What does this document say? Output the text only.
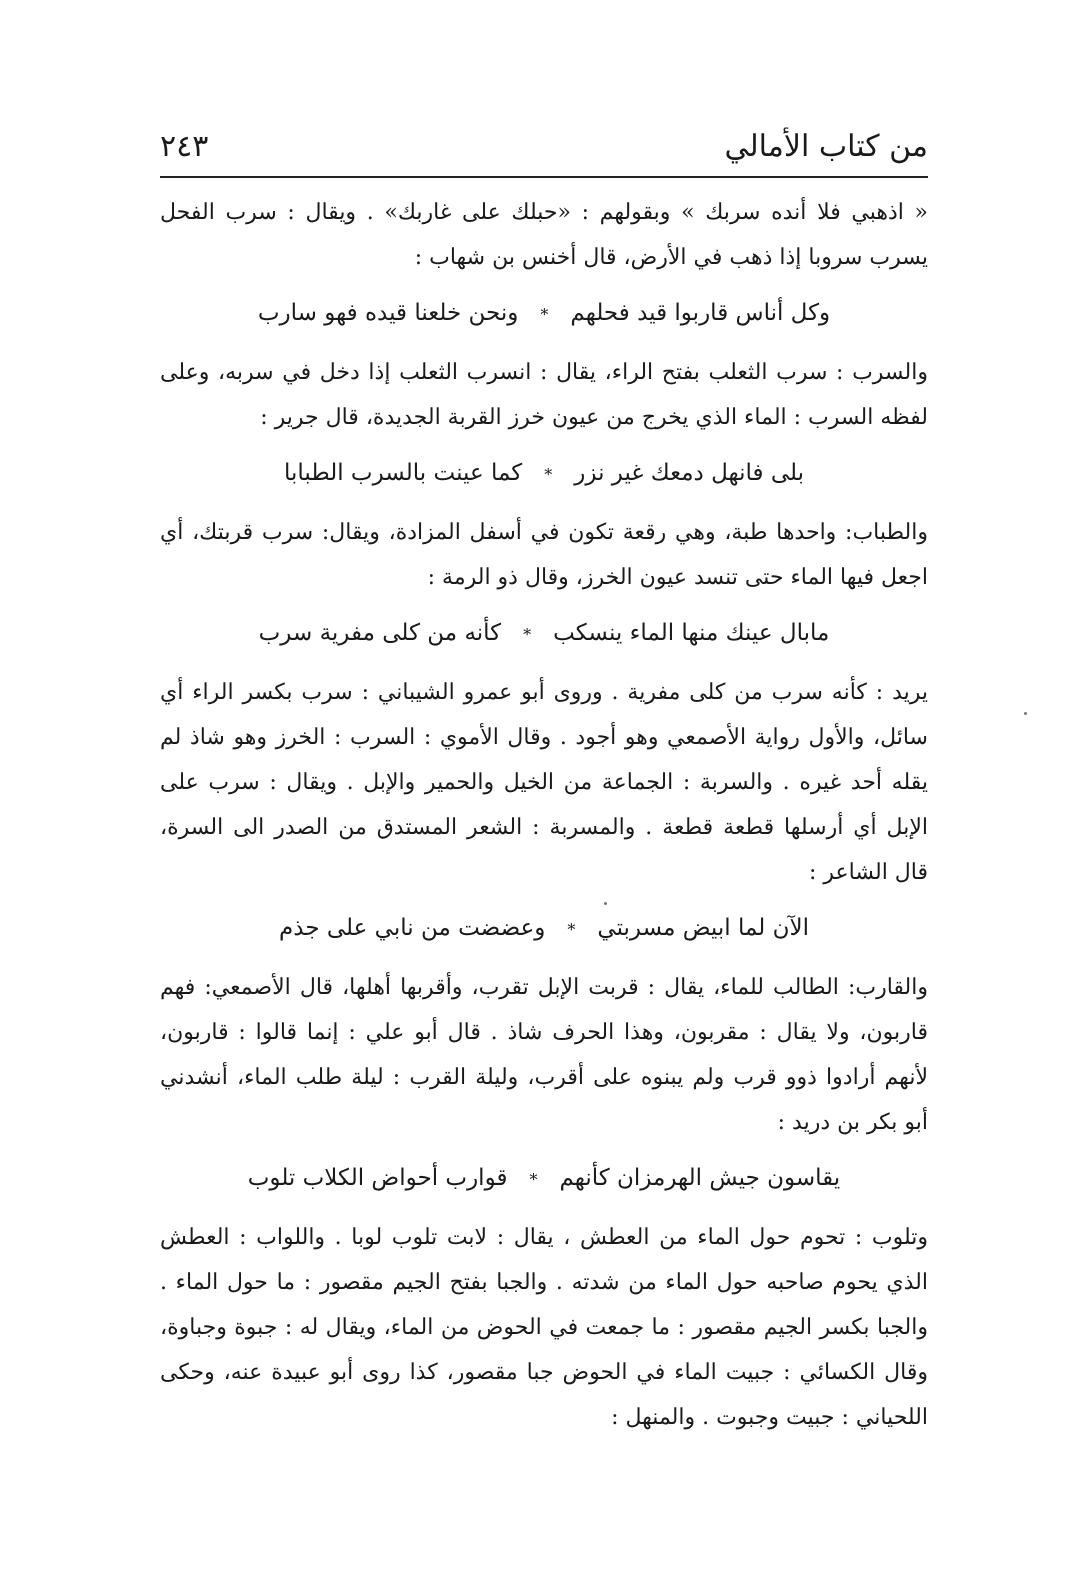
من كتاب الأمالي
٢٤٣

« اذهبي فلا أنده سربك » وبقولهم : «حبلك على غاربك» . ويقال : سرب الفحل يسرب سروبا إذا ذهب في الأرض، قال أخنس بن شهاب :

وكل أناس قاربوا قيد فحلهم
*
ونحن خلعنا قيده فهو سارب

والسرب : سرب الثعلب بفتح الراء، يقال : انسرب الثعلب إذا دخل في سربه، وعلى لفظه السرب : الماء الذي يخرج من عيون خرز القربة الجديدة، قال جرير :

بلى فانهل دمعك غير نزر
*
كما عينت بالسرب الطبابا

والطباب: واحدها طبة، وهي رقعة تكون في أسفل المزادة، ويقال: سرب قربتك، أي اجعل فيها الماء حتى تنسد عيون الخرز، وقال ذو الرمة :

مابال عينك منها الماء ينسكب
*
كأنه من كلى مفرية سرب

يريد : كأنه سرب من كلى مفرية . وروى أبو عمرو الشيباني : سرب بكسر الراء أي سائل، والأول رواية الأصمعي وهو أجود . وقال الأموي : السرب : الخرز وهو شاذ لم يقله أحد غيره . والسربة : الجماعة من الخيل والحمير والإبل . ويقال : سرب على الإبل أي أرسلها قطعة قطعة . والمسربة : الشعر المستدق من الصدر الى السرة، قال الشاعر :

الآن لما ابيض مسربتي
*
وعضضت من نابي على جذم

والقارب: الطالب للماء، يقال : قربت الإبل تقرب، وأقربها أهلها، قال الأصمعي: فهم قاربون، ولا يقال : مقربون، وهذا الحرف شاذ . قال أبو علي : إنما قالوا : قاربون، لأنهم أرادوا ذوو قرب ولم يبنوه على أقرب، وليلة القرب : ليلة طلب الماء، أنشدني أبو بكر بن دريد :

يقاسون جيش الهرمزان كأنهم
*
قوارب أحواض الكلاب تلوب

وتلوب : تحوم حول الماء من العطش ، يقال : لابت تلوب لوبا . واللواب : العطش الذي يحوم صاحبه حول الماء من شدته . والجبا بفتح الجيم مقصور : ما حول الماء . والجبا بكسر الجيم مقصور : ما جمعت في الحوض من الماء، ويقال له : جبوة وجباوة، وقال الكسائي : جبيت الماء في الحوض جبا مقصور، كذا روى أبو عبيدة عنه، وحكى اللحياني : جبيت وجبوت . والمنهل :
